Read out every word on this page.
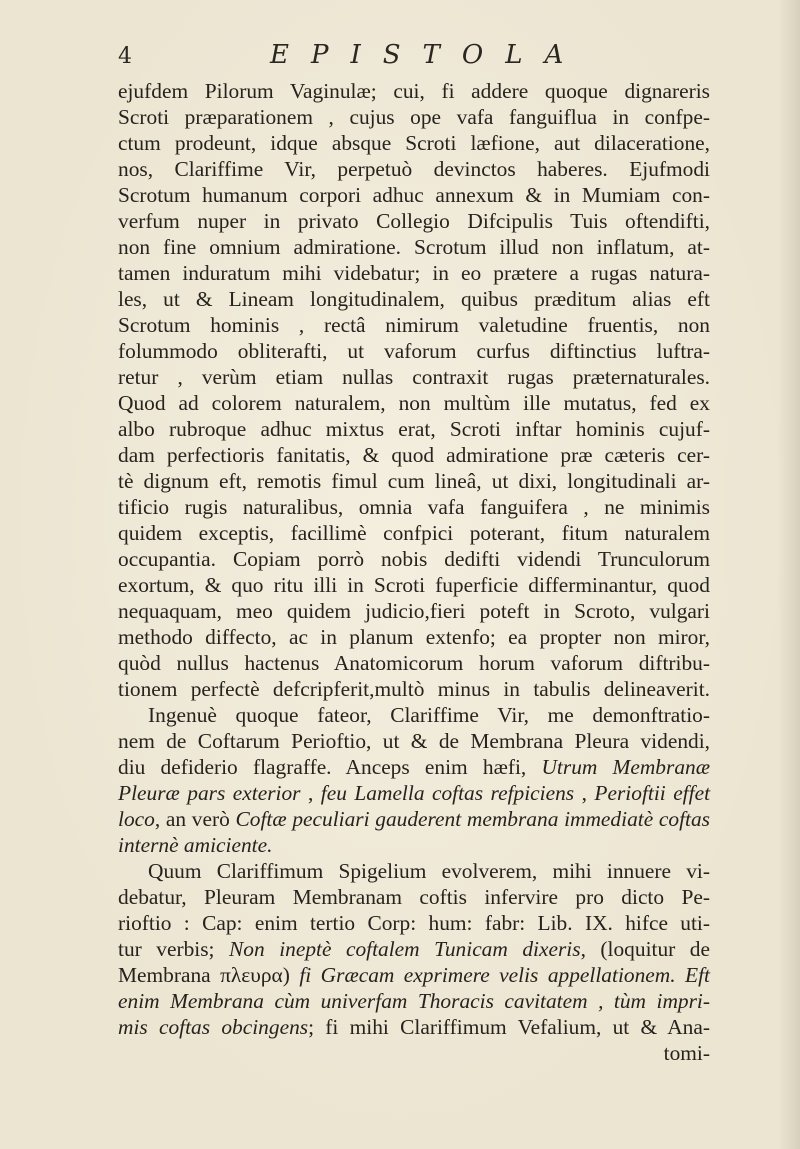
4	EPISTOLA
ejufdem Pilorum Vaginulæ; cui, fi addere quoque dignareris
Scroti præparationem , cujus ope vafa fanguiflua in confpe-
ctum prodeunt, idque absque Scroti læfione, aut dilaceratione,
nos, Clariffime Vir, perpetuò devinctos haberes. Ejufmodi
Scrotum humanum corpori adhuc annexum & in Mumiam con-
verfum nuper in privato Collegio Difcipulis Tuis oftendifti,
non fine omnium admiratione. Scrotum illud non inflatum, at-
tamen induratum mihi videbatur; in eo prætere a rugas natura-
les, ut & Lineam longitudinalem, quibus præditum alias eft
Scrotum hominis , rectâ nimirum valetudine fruentis, non
folummodo obliterafti, ut vaforum curfus diftinctius luftra-
retur , verùm etiam nullas contraxit rugas præternaturales.
Quod ad colorem naturalem, non multùm ille mutatus, fed ex
albo rubroque adhuc mixtus erat, Scroti inftar hominis cujuf-
dam perfectioris fanitatis, & quod admiratione præ cæteris cer-
tè dignum eft, remotis fimul cum lineâ, ut dixi, longitudinali ar-
tificio rugis naturalibus, omnia vafa fanguifera , ne minimis
quidem exceptis, facillimè confpici poterant, fitum naturalem
occupantia. Copiam porrò nobis dedifti videndi Trunculorum
exortum, & quo ritu illi in Scroti fuperficie differminantur, quod
nequaquam, meo quidem judicio,fieri poteft in Scroto, vulgari
methodo diffecto, ac in planum extenfo; ea propter non miror,
quòd nullus hactenus Anatomicorum horum vaforum diftribu-
tionem perfectè defcripferit,multò minus in tabulis delineaverit.
Ingenuè quoque fateor, Clariffime Vir, me demonftratio-
nem de Coftarum Perioftio, ut & de Membrana Pleura videndi,
diu defiderio flagraffe. Anceps enim hæfi, Utrum Membranæ
Pleuræ pars exterior , feu Lamella coftas refpiciens , Perioftii effet
loco, an verò Coftæ peculiari gauderent membrana immediatè coftas
internè amiciente.
Quum Clariffimum Spigelium evolverem, mihi innuere vi-
debatur, Pleuram Membranam coftis infervire pro dicto Pe-
rioftio : Cap: enim tertio Corp: hum: fabr: Lib. IX. hifce uti-
tur verbis; Non ineptè coftalem Tunicam dixeris, (loquitur de
Membrana πλευρα) fi Græcam exprimere velis appellationem. Eft
enim Membrana cùm univerfam Thoracis cavitatem , tùm impri-
mis coftas obcingens; fi mihi Clariffimum Vefalium, ut & Ana-
tomi-
